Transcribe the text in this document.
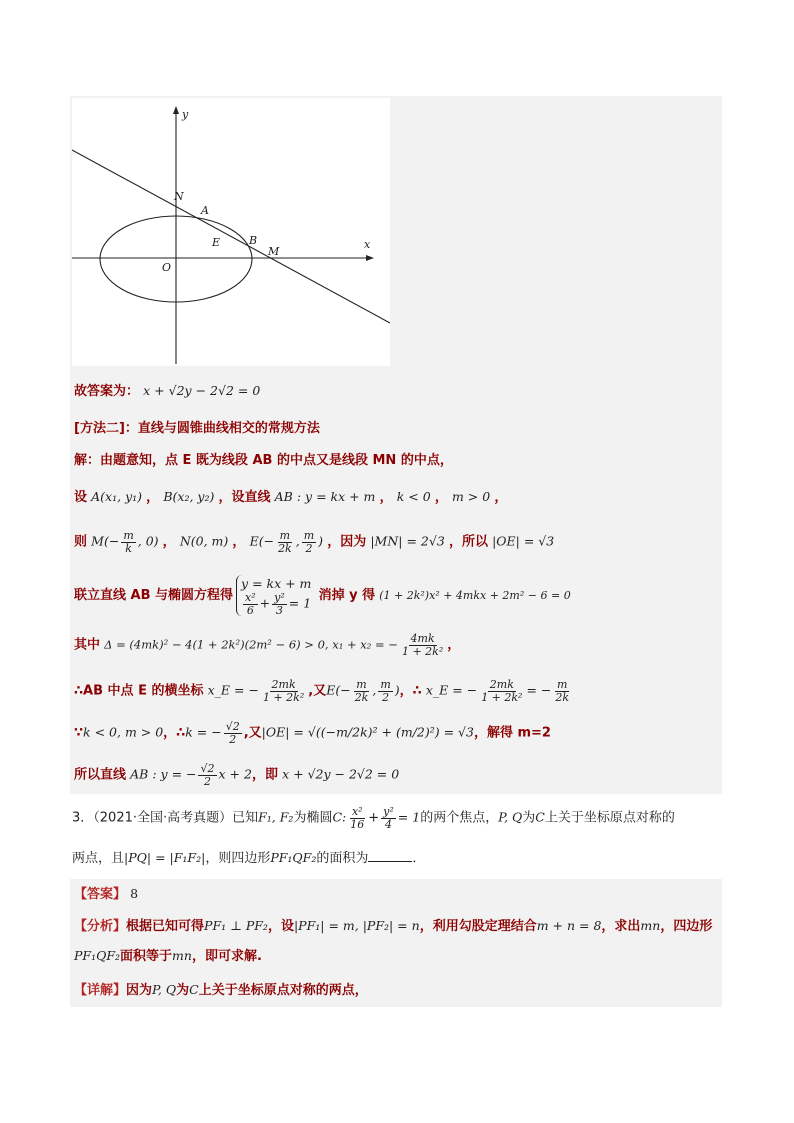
y
x
N
A
E	B
M
O
故答案为： x + √2y − 2√2 = 0
[方法二]：直线与圆锥曲线相交的常规方法
解：由题意知，点 E 既为线段 AB 的中点又是线段 MN 的中点，
设 A(x₁, y₁) ， B(x₂, y₂) ，设直线 AB : y = kx + m ， k < 0 ， m > 0 ，
则 $M(- \frac{m}{k}$ , 0) ， N(0, m) ， $E(- \frac{m}{2k}$ , $\frac{m}{2}$ ) ，因为 |MN| = 2√3 ，所以 |OE| = √3
联立直线 AB 与椭圆方程得
y = kx + m
$\frac{\text{x²}}{6} + \frac{\text{y²}}{3} = 1$ 消掉 y 得 (1 + 2k²)x² + 4mkx + 2m² − 6 = 0
其中 Δ = (4mk)² − 4(1 + 2k²)(2m² − 6) > 0, x₁ + x₂ = − $\frac{4mk}{\text{1 + 2k²}}$ ，
∴AB 中点 E 的横坐标 x_E = − $\frac{2mk}{\text{1 + 2k²}}$ ,又$E(- \frac{m}{2k}$ , $\frac{m}{2}$ )，∴ x_E = − $\frac{2mk}{\text{1 + 2k²}}$ = − $\frac{m}{2k}$
∵k < 0, m > 0，∴k = − $\frac{√2}{2}$ ,又|OE| = √((−m/2k)² + (m/2)²) = √3，解得 m=2
所以直线 AB : y = − $\frac{√2}{2}$ x + 2，即 x + √2y − 2√2 = 0
3．（2021·全国·高考真题）已知F₁, F₂为椭圆C: $\frac{\text{x²}}{16} + \frac{\text{y²}}{4} = 1$的两个焦点，P, Q为C上关于坐标原点对称的
两点，且|PQ| = |F₁F₂|，则四边形PF₁QF₂的面积为	．
【答案】 8
【分析】根据已知可得PF₁ ⊥ PF₂，设|PF₁| = m, |PF₂| = n，利用勾股定理结合m + n = 8，求出mn，四边形
PF₁QF₂面积等于mn，即可求解.
【详解】因为P, Q为C上关于坐标原点对称的两点，
